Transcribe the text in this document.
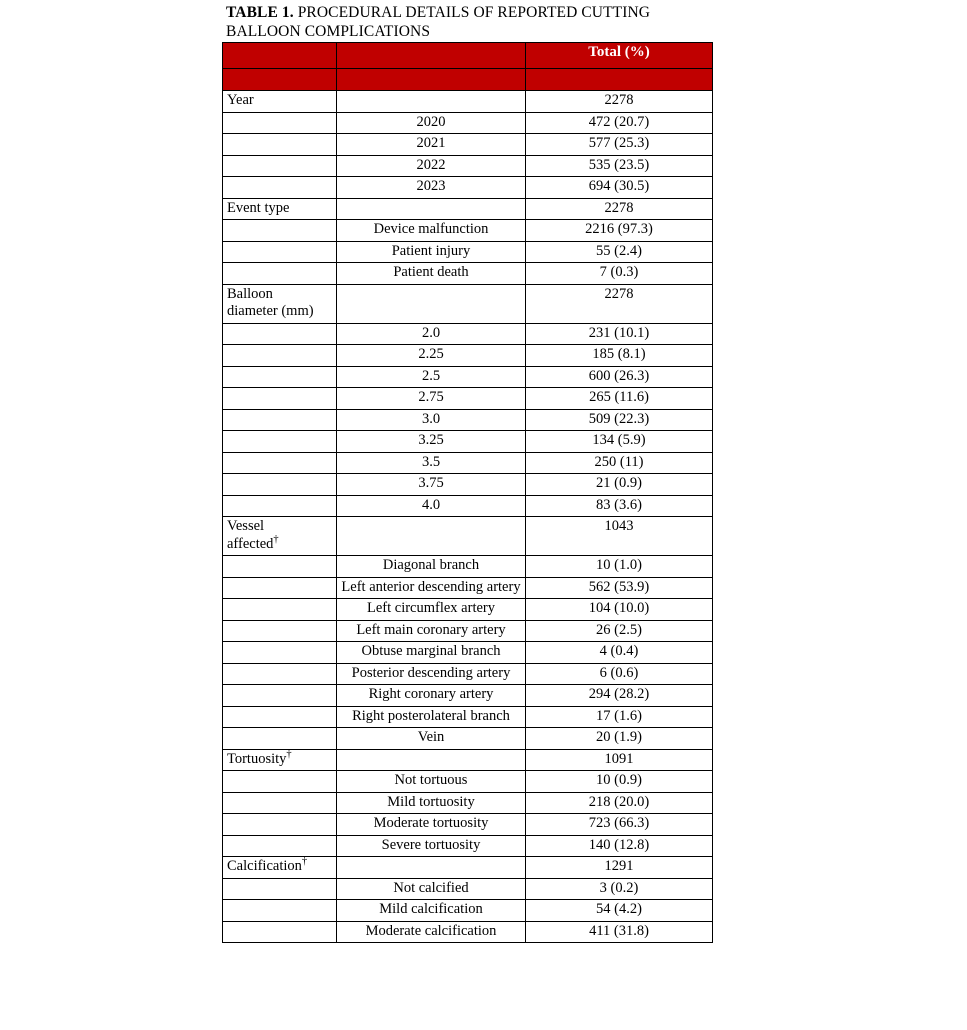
TABLE 1. PROCEDURAL DETAILS OF REPORTED CUTTING BALLOON COMPLICATIONS
		Total (%)

Year		2278
	2020	472 (20.7)
	2021	577 (25.3)
	2022	535 (23.5)
	2023	694 (30.5)

Event type		2278
	Device malfunction	2216 (97.3)
	Patient injury	55 (2.4)
	Patient death	7 (0.3)

Balloon diameter (mm)		2278
	2.0	231 (10.1)
	2.25	185 (8.1)
	2.5	600 (26.3)
	2.75	265 (11.6)
	3.0	509 (22.3)
	3.25	134 (5.9)
	3.5	250 (11)
	3.75	21 (0.9)
	4.0	83 (3.6)

Vessel affected†		1043
	Diagonal branch	10 (1.0)
	Left anterior descending artery	562 (53.9)
	Left circumflex artery	104 (10.0)
	Left main coronary artery	26 (2.5)
	Obtuse marginal branch	4 (0.4)
	Posterior descending artery	6 (0.6)
	Right coronary artery	294 (28.2)
	Right posterolateral branch	17 (1.6)
	Vein	20 (1.9)

Tortuosity†		1091
	Not tortuous	10 (0.9)
	Mild tortuosity	218 (20.0)
	Moderate tortuosity	723 (66.3)
	Severe tortuosity	140 (12.8)

Calcification†		1291
	Not calcified	3 (0.2)
	Mild calcification	54 (4.2)
	Moderate calcification	411 (31.8)
